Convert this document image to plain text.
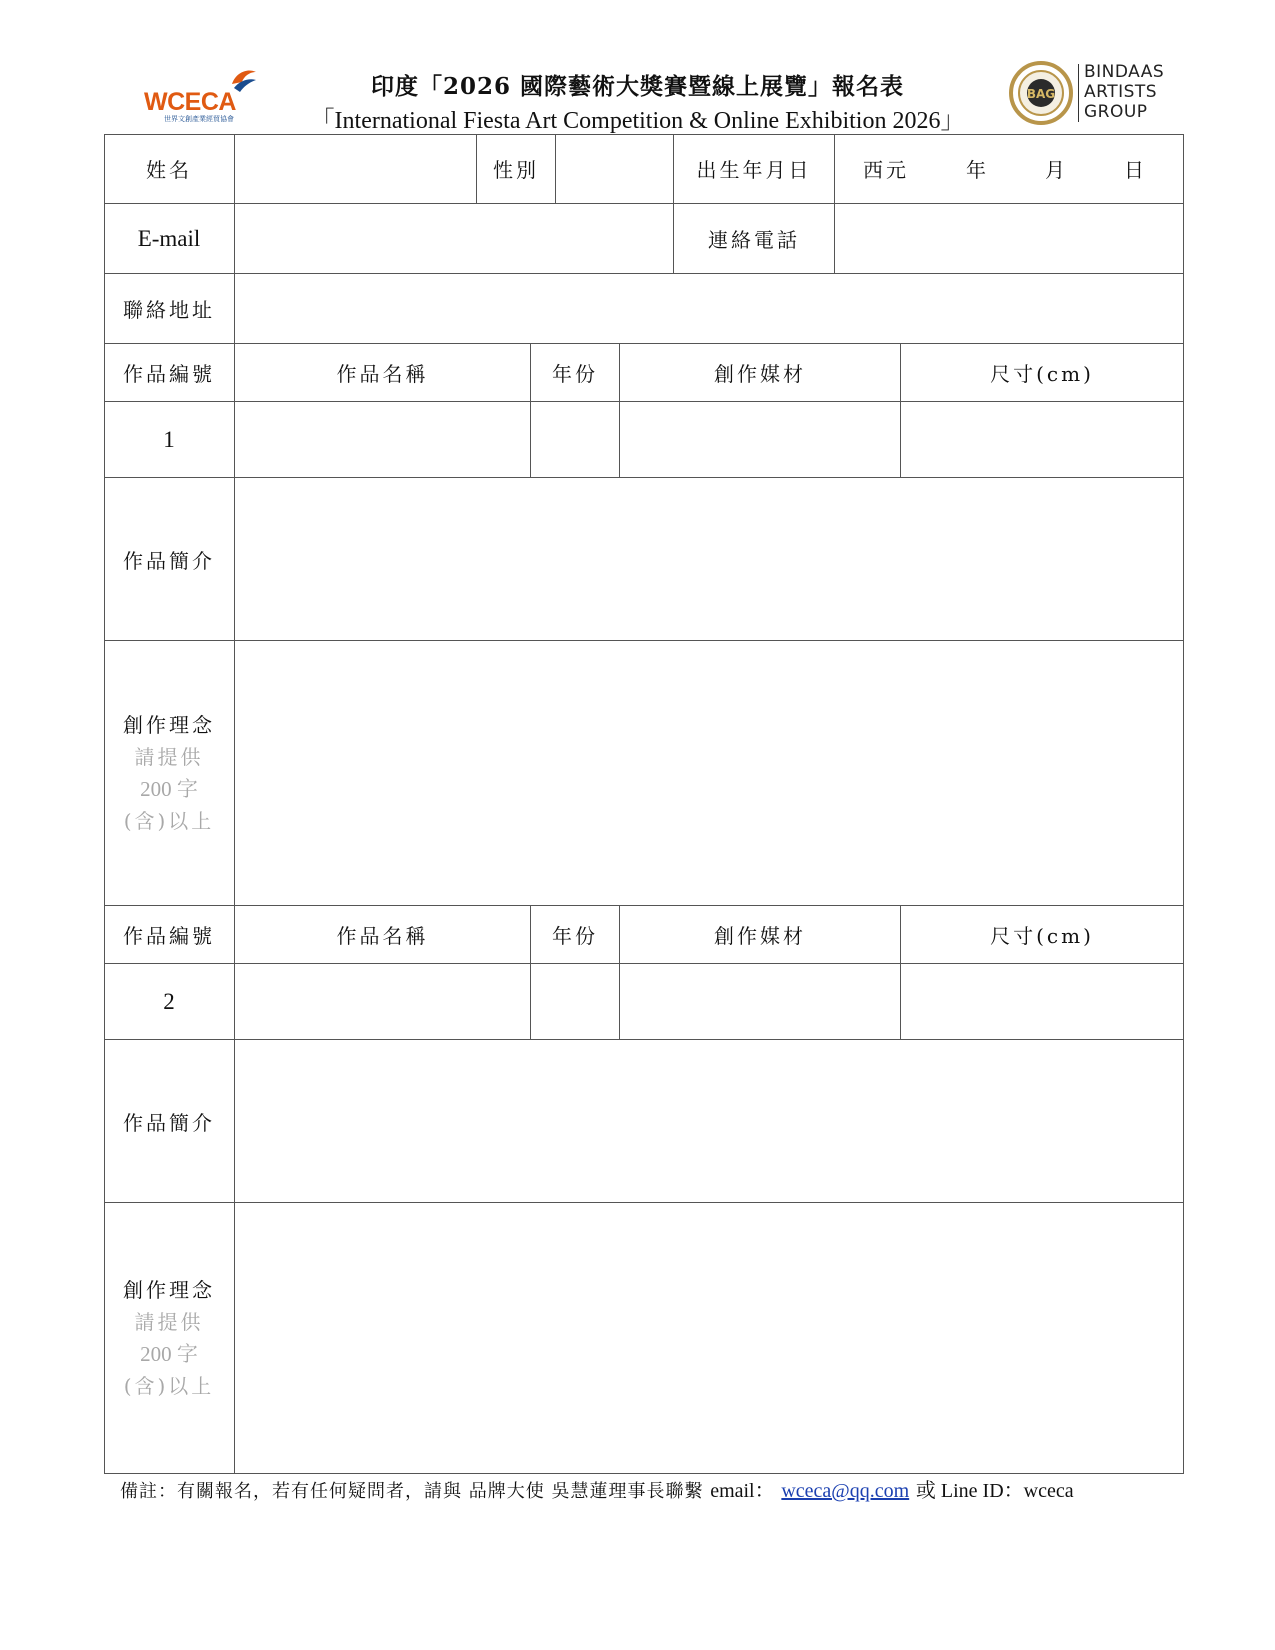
WCECA
世界文創產業經貿協會
印度「2026 國際藝術大獎賽暨線上展覽」報名表
「International Fiesta Art Competition & Online Exhibition 2026」
BAG
BINDAAS
ARTISTS
GROUP
姓名	性別	出生年月日	西元	年	月	日
E-mail	連絡電話
聯絡地址
作品編號	作品名稱	年份	創作媒材	尺寸(cm)
1
作品簡介
創作理念
請提供
200 字
(含)以上
作品編號	作品名稱	年份	創作媒材	尺寸(cm)
2
作品簡介
創作理念
請提供
200 字
(含)以上
備註：有關報名，若有任何疑問者，請與 品牌大使 吳慧蓮理事長聯繫 email： wceca@qq.com 或 Line ID：wceca
